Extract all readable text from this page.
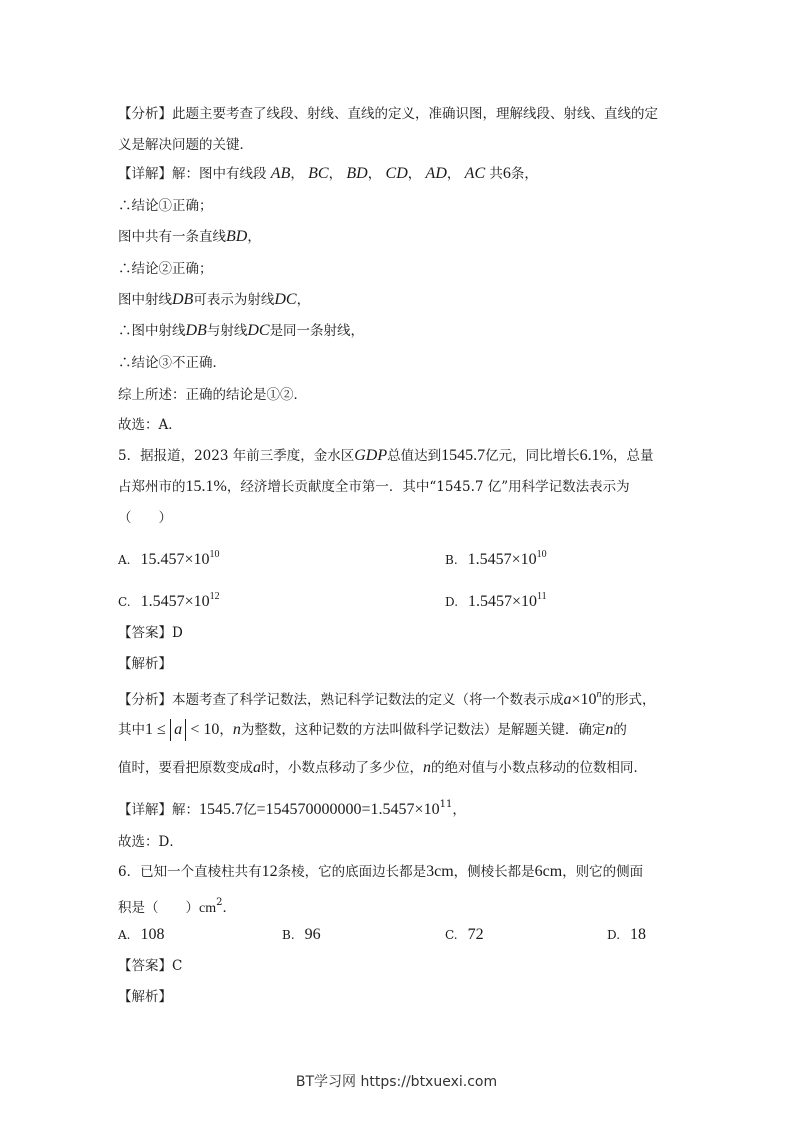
【分析】此题主要考查了线段、射线、直线的定义，准确识图，理解线段、射线、直线的定
义是解决问题的关键．
【详解】解：图中有线段 AB， BC， BD， CD， AD， AC 共6条，
∴结论①正确；
图中共有一条直线BD，
∴结论②正确；
图中射线DB可表示为射线DC，
∴图中射线DB与射线DC是同一条射线，
∴结论③不正确．
综上所述：正确的结论是①②．
故选：A．
5．据报道，2023 年前三季度，金水区GDP总值达到1545.7亿元，同比增长6.1%，总量
占郑州市的15.1%，经济增长贡献度全市第一．其中“1545.7 亿”用科学记数法表示为
（　　）
A. $15.457\times 10^{10}$	B. $1.5457\times 10^{10}$
C. $1.5457\times 10^{12}$	D. $1.5457\times 10^{11}$
【答案】D
【解析】
【分析】本题考查了科学记数法，熟记科学记数法的定义（将一个数表示成$a\times 10^n$的形式，
其中1 ≤ a < 10，n为整数，这种记数的方法叫做科学记数法）是解题关键．确定n的
值时，要看把原数变成a时，小数点移动了多少位，n的绝对值与小数点移动的位数相同．
【详解】解：1545.7亿$=154570000000=1.5457\times 10^{11}$，
故选：D．
6．已知一个直棱柱共有12条棱，它的底面边长都是3cm，侧棱长都是6cm，则它的侧面
积是（　　）$cm^2$．
A. 108	B. 96	C. 72	D. 18
【答案】C
【解析】
BT学习网 https://btxuexi.com
